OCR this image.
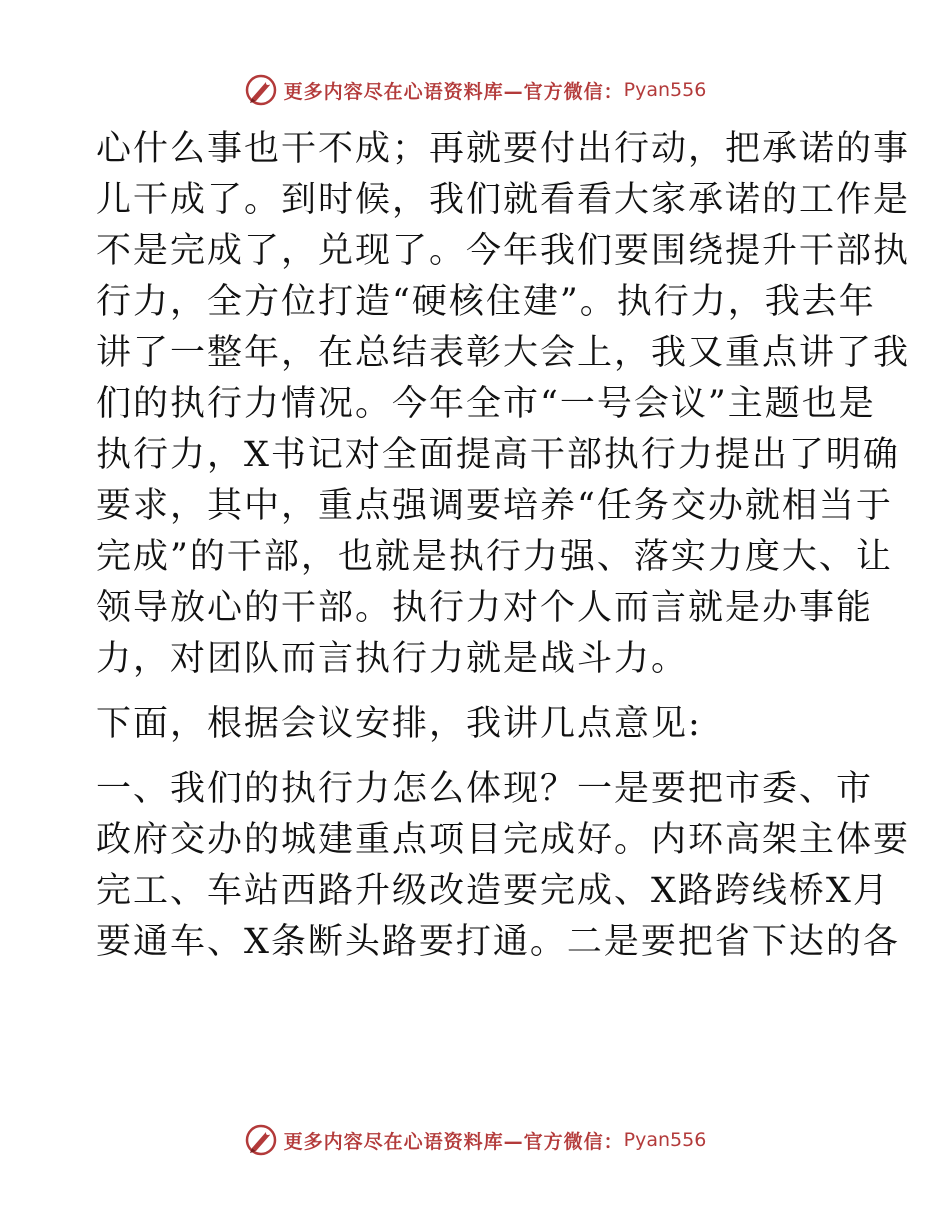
更多内容尽在心语资料库—官方微信： Pyan556

心什么事也干不成；再就要付出行动，把承诺的事
儿干成了。到时候，我们就看看大家承诺的工作是
不是完成了，兑现了。今年我们要围绕提升干部执
行力，全方位打造“硬核住建”。执行力，我去年
讲了一整年，在总结表彰大会上，我又重点讲了我
们的执行力情况。今年全市“一号会议”主题也是
执行力，X书记对全面提高干部执行力提出了明确
要求，其中，重点强调要培养“任务交办就相当于
完成”的干部，也就是执行力强、落实力度大、让
领导放心的干部。执行力对个人而言就是办事能
力，对团队而言执行力就是战斗力。

下面，根据会议安排，我讲几点意见:

一、我们的执行力怎么体现？一是要把市委、市
政府交办的城建重点项目完成好。内环高架主体要
完工、车站西路升级改造要完成、X路跨线桥X月
要通车、X条断头路要打通。二是要把省下达的各

更多内容尽在心语资料库—官方微信： Pyan556
